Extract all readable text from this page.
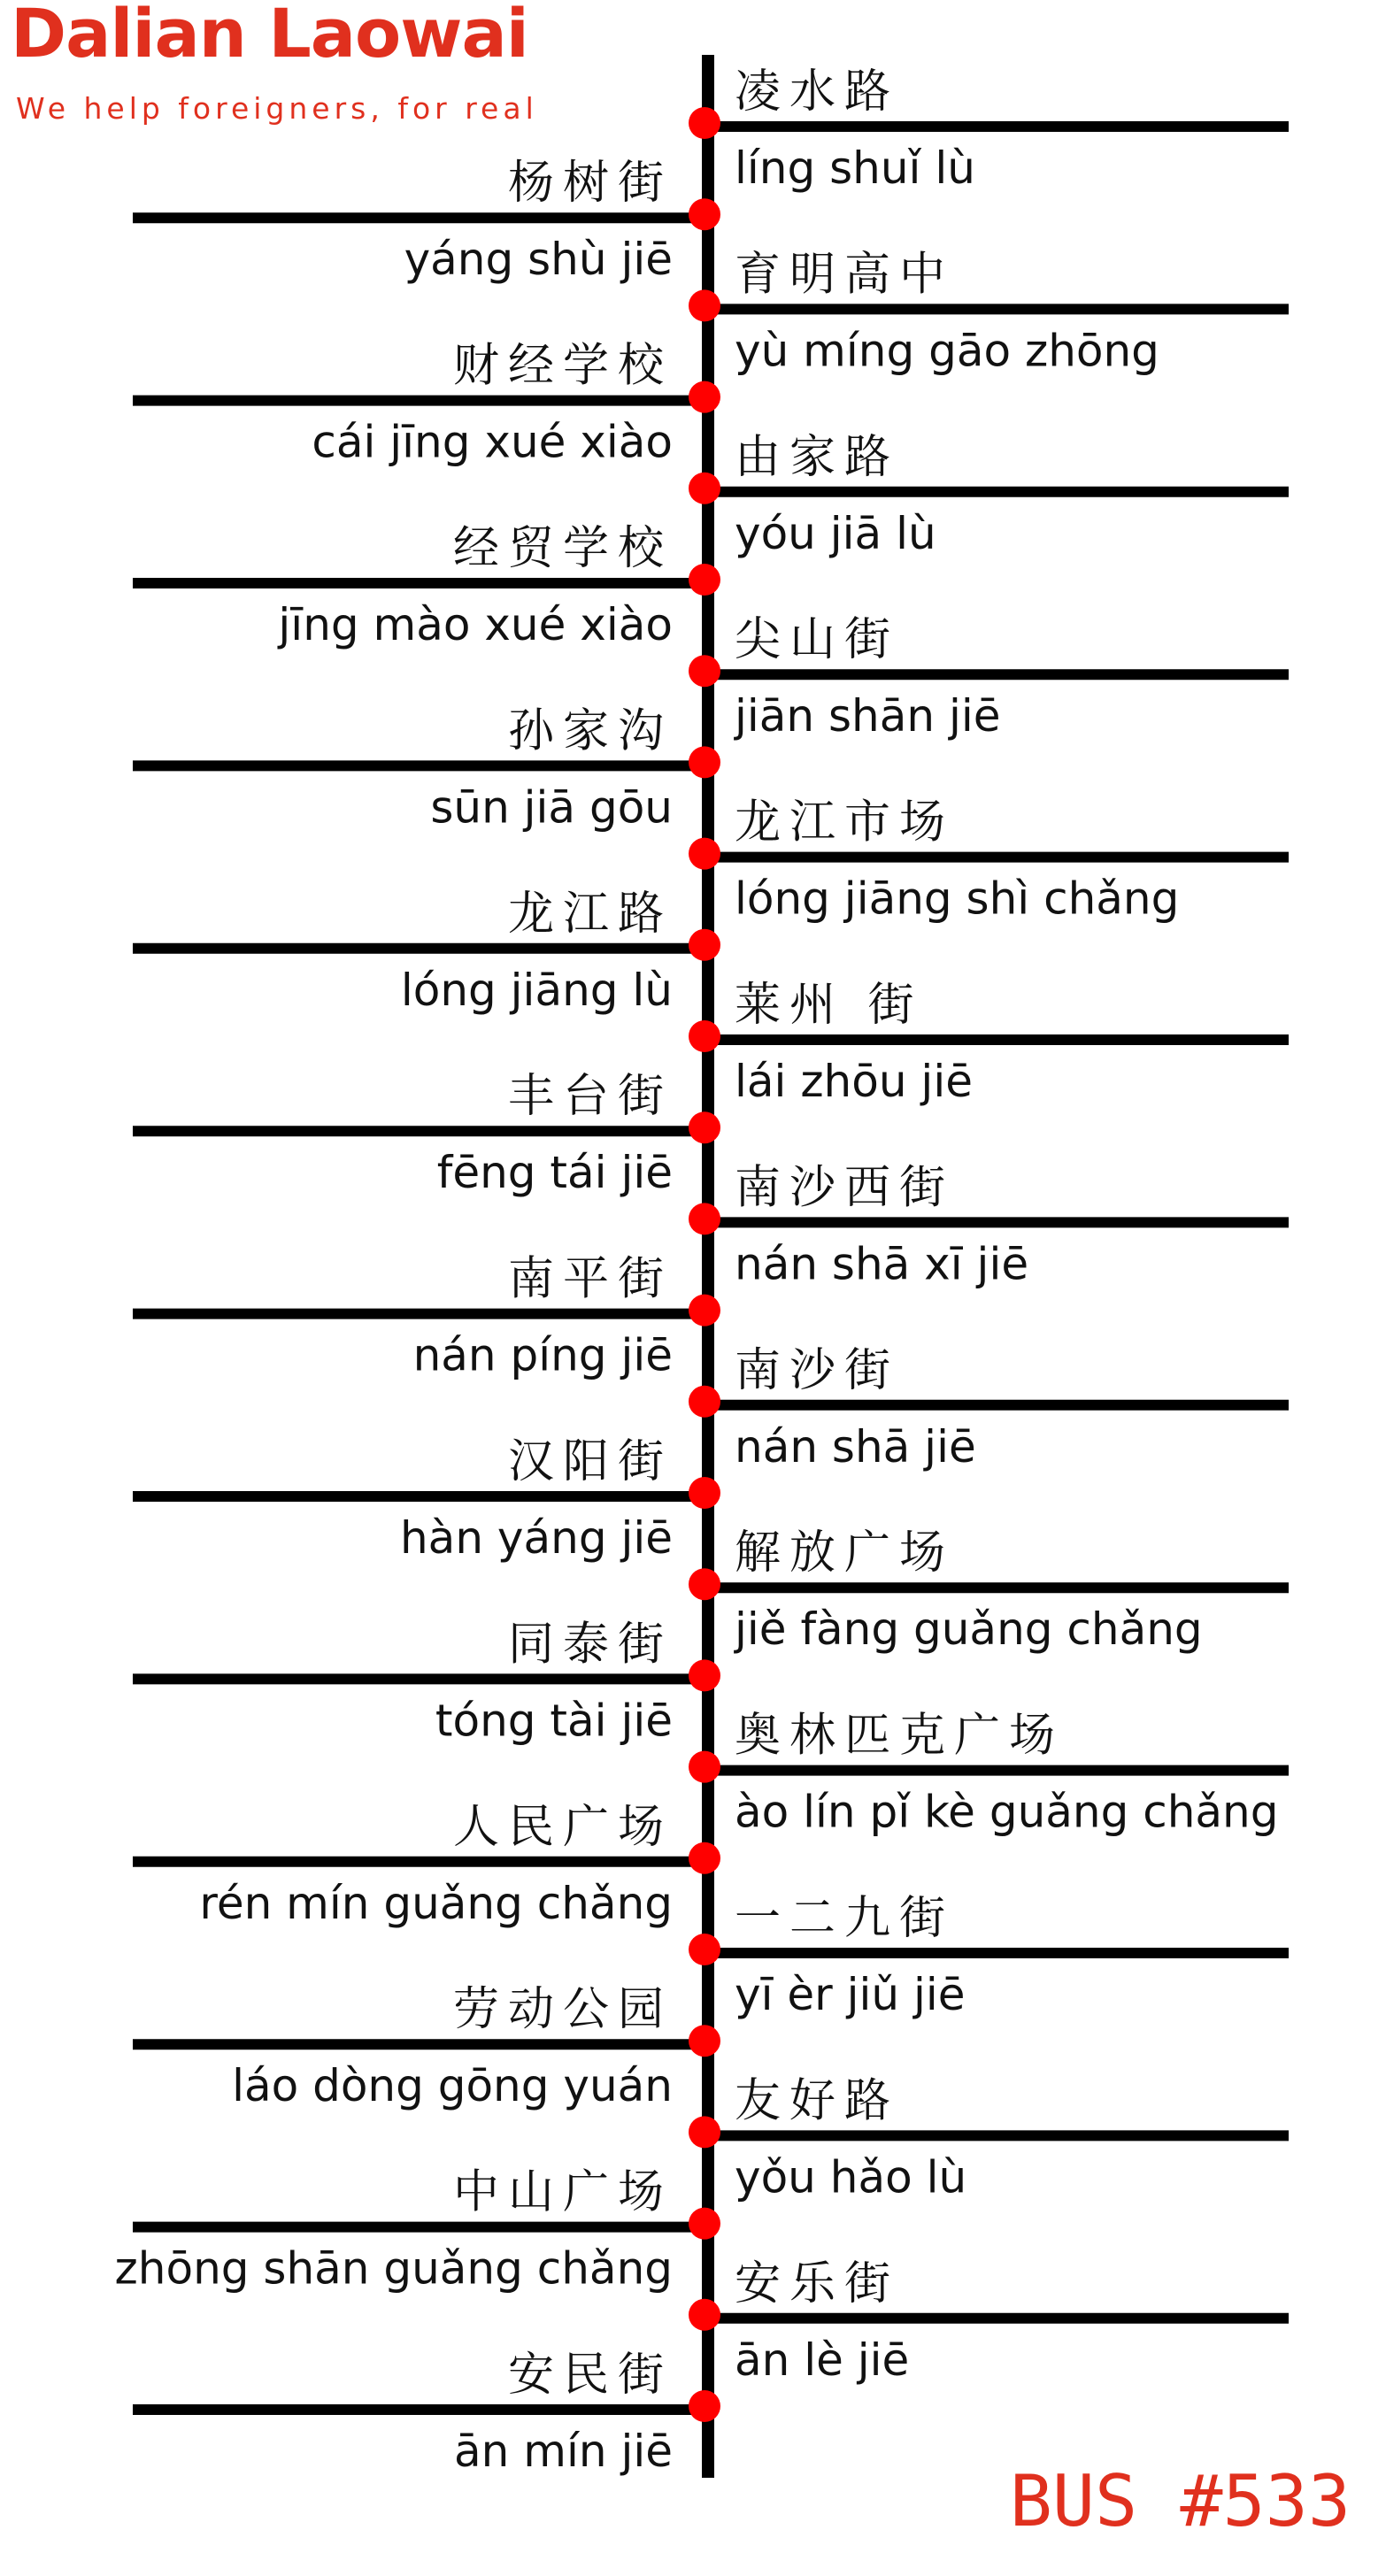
Dalian Laowai
We help foreigners, for real	凌水路
líng shuǐ lù
杨树街
yáng shù jiē 育明高中
yù míng gāo zhōng
财经学校
cái jīng xué xiào 由家路
yóu jiā lù
经贸学校
jīng mào xué xiào 尖山街
jiān shān jiē
孙家沟
sūn jiā gōu 龙江市场
lóng jiāng shì chǎng
龙江路
lóng jiāng lù 莱州 街
lái zhōu jiē
丰台街
fēng tái jiē 南沙西街
nán shā xī jiē
南平街
nán píng jiē 南沙街
nán shā jiē
汉阳街
hàn yáng jiē 解放广场
jiě fàng guǎng chǎng
同泰街
tóng tài jiē 奥林匹克广场
ào lín pǐ kè guǎng chǎng
人民广场
rén mín guǎng chǎng 一二九街
yī èr jiǔ jiē
劳动公园
láo dòng gōng yuán 友好路
yǒu hǎo lù
中山广场
zhōng shān guǎng chǎng 安乐街
ān lè jiē
安民街
ān mín jiē
BUS #533
